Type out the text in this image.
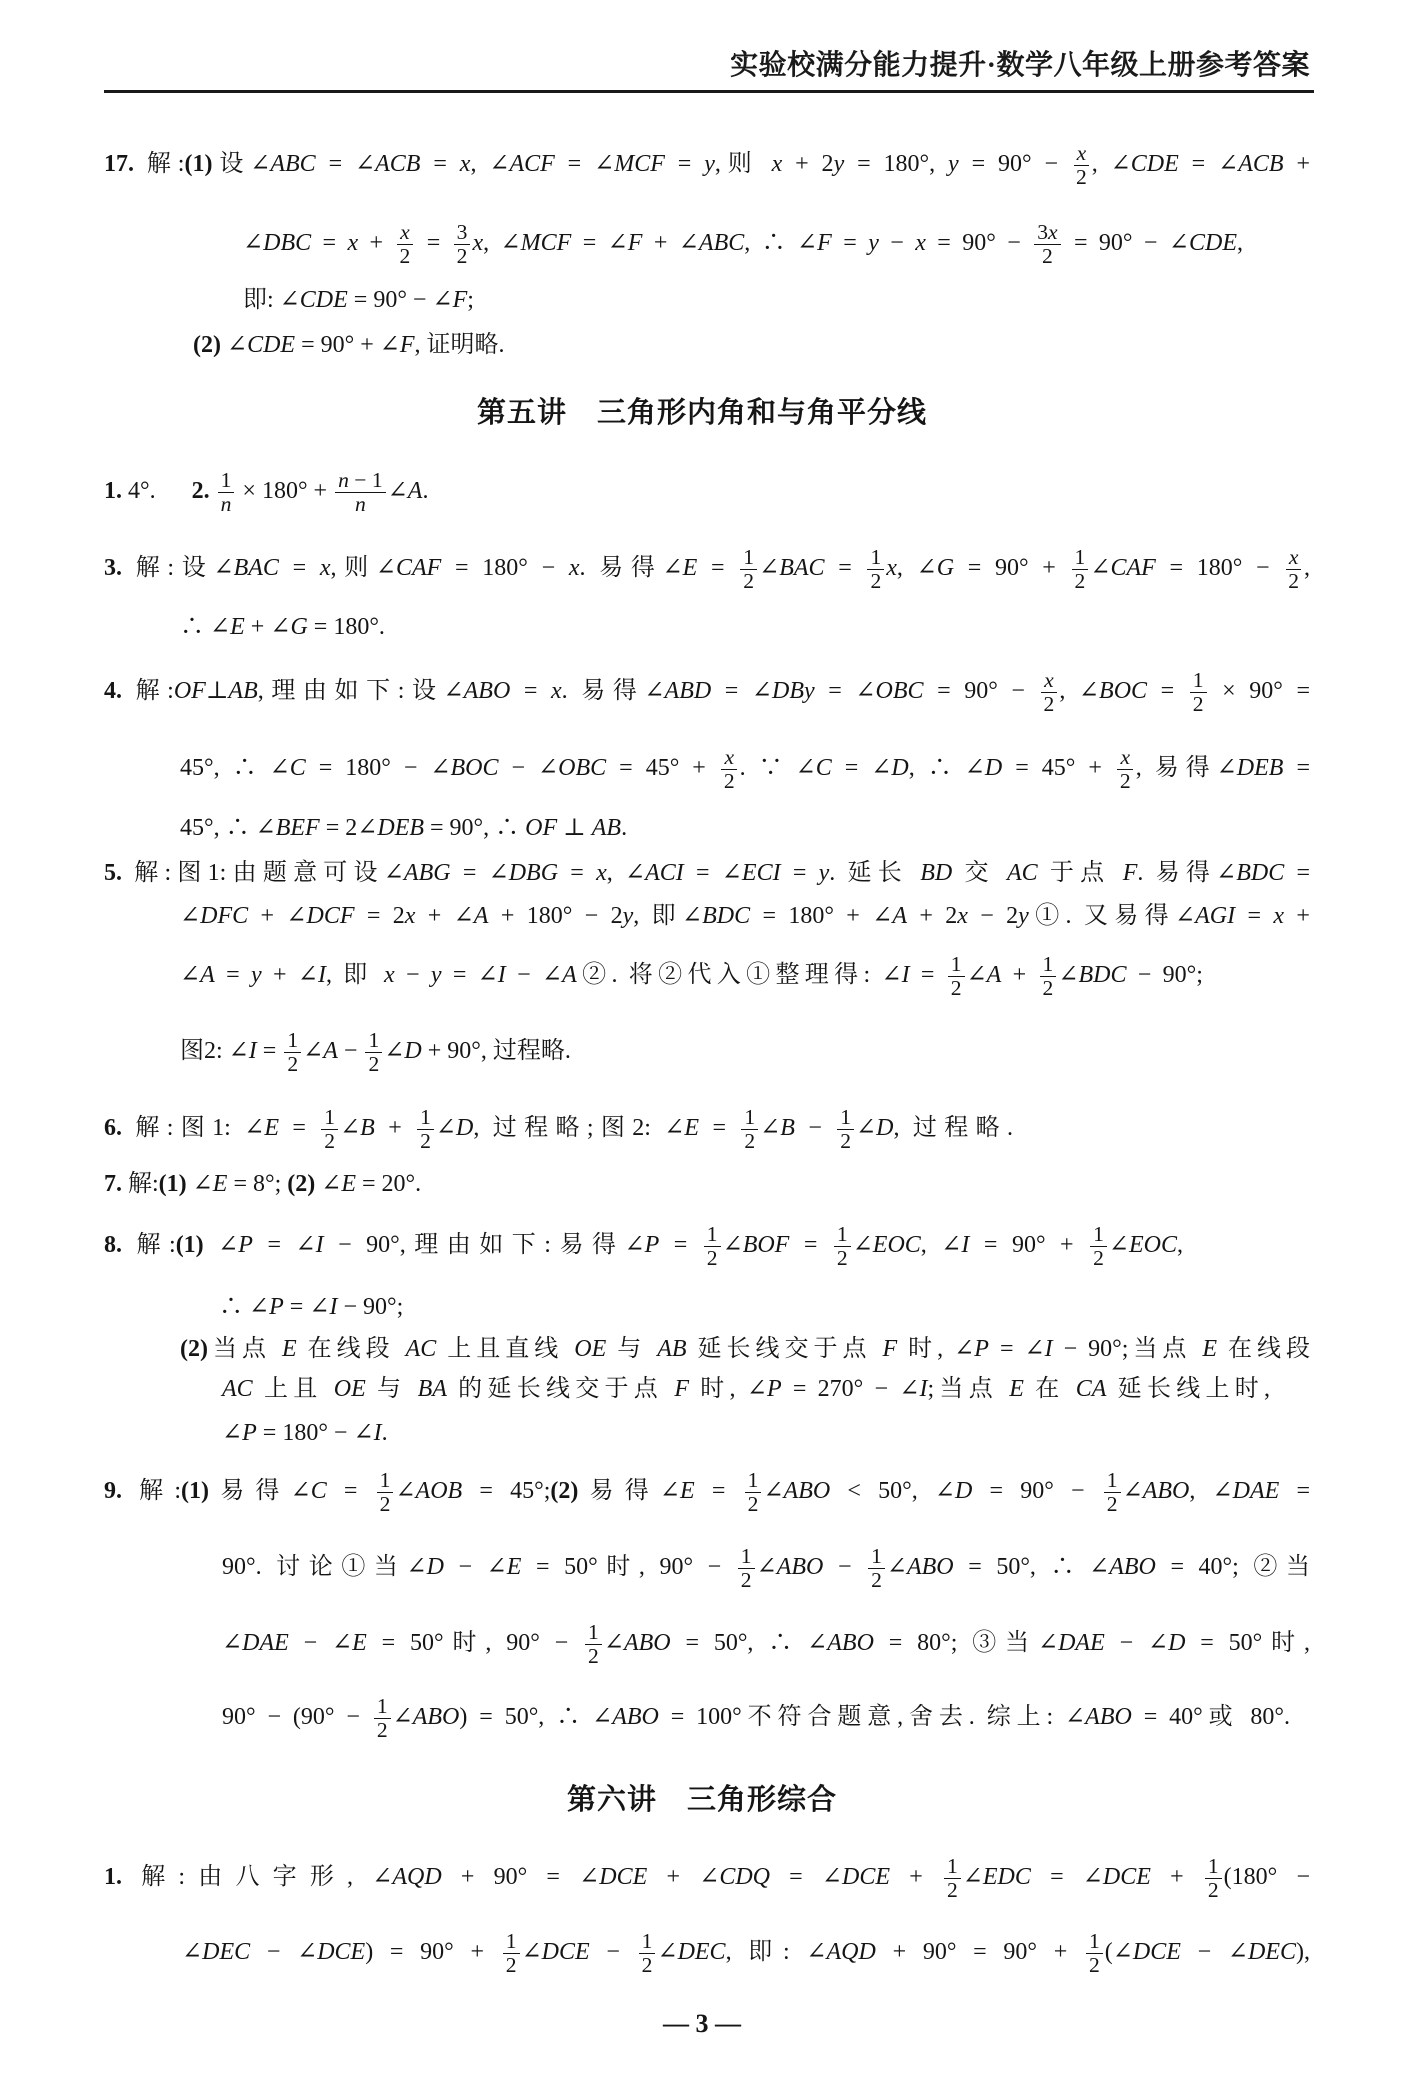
实验校满分能力提升·数学八年级上册参考答案
17. 解:(1)设∠ABC = ∠ACB = x, ∠ACF = ∠MCF = y,则 x + 2y = 180°, $y = 90^\circ - \frac{x}{2}$ , ∠CDE = ∠ACB +
∠DBC = $x + \frac{x}{2} = \frac{3}{2} x$, ∠MCF = ∠F + ∠ABC, ∴ ∠F = $y - x = 90^\circ - \frac{3x}{2} = 90^\circ$ − ∠CDE,
即: ∠CDE = 90° − ∠F;
(2) ∠CDE = 90° + ∠F, 证明略.
第五讲　三角形内角和与角平分线
1. 4°.  2. $\frac{1}{n} \times 180^\circ + \frac{n - 1}{n}$ ∠A.
3. 解:设∠BAC = x,则∠CAF = 180° − x. 易得∠E = $\frac{1}{2}$ ∠BAC = $\frac{1}{2} x$, ∠G = $90^\circ + \frac{1}{2}$ ∠CAF = $180^\circ - \frac{x}{2}$ ,
∴ ∠E + ∠G = 180°.
4. 解:OF⊥AB,理由如下:设∠ABO = x. 易得∠ABD = ∠DBy = ∠OBC = $90^\circ - \frac{x}{2}$ , ∠BOC = $\frac{1}{2} \times 90^\circ$ =
45°, ∴ ∠C = 180° − ∠BOC − ∠OBC = $45^\circ + \frac{x}{2}$ . ∵ ∠C = ∠D, ∴ ∠D = $45^\circ + \frac{x}{2}$ , 易得∠DEB =
45°, ∴ ∠BEF = 2∠DEB = 90°, ∴ OF ⊥ AB.
5. 解:图1:由题意可设∠ABG = ∠DBG = x, ∠ACI = ∠ECI = y. 延长 BD 交 AC 于点 F. 易得∠BDC =
∠DFC + ∠DCF = 2x + ∠A + 180° − 2y, 即∠BDC = 180° + ∠A + 2x − 2y①. 又易得∠AGI = x +
∠A = y + ∠I, 即 x − y = ∠I − ∠A②. 将②代入①整理得: ∠I = $\frac{1}{2}$ ∠A + $\frac{1}{2}$ ∠BDC − 90°;
图2: ∠I = $\frac{1}{2}$ ∠A − $\frac{1}{2}$ ∠D + 90°, 过程略.
6. 解:图1: ∠E = $\frac{1}{2}$ ∠B + $\frac{1}{2}$ ∠D, 过程略;图2: ∠E = $\frac{1}{2}$ ∠B − $\frac{1}{2}$ ∠D, 过程略.
7. 解:(1) ∠E = 8°; (2) ∠E = 20°.
8. 解:(1) ∠P = ∠I − 90°,理由如下:易得∠P = $\frac{1}{2}$ ∠BOF = $\frac{1}{2}$ ∠EOC, ∠I = $90^\circ + \frac{1}{2}$ ∠EOC,
∴ ∠P = ∠I − 90°;
(2)当点 E 在线段 AC 上且直线 OE 与 AB 延长线交于点 F 时, ∠P = ∠I − 90°;当点 E 在线段
AC 上且 OE 与 BA 的延长线交于点 F 时, ∠P = 270° − ∠I;当点 E 在 CA 延长线上时,
∠P = 180° − ∠I.
9. 解:(1)易得∠C = $\frac{1}{2}$ ∠AOB = 45°;(2)易得∠E = $\frac{1}{2}$ ∠ABO < 50°, ∠D = $90^\circ - \frac{1}{2}$ ∠ABO, ∠DAE =
90°. 讨论①当∠D − ∠E = 50°时, $90^\circ - \frac{1}{2}$ ∠ABO − $\frac{1}{2}$ ∠ABO = 50°, ∴ ∠ABO = 40°; ②当
∠DAE − ∠E = 50°时, $90^\circ - \frac{1}{2}$ ∠ABO = 50°, ∴ ∠ABO = 80°; ③当∠DAE − ∠D = 50°时,
$90^\circ - (90^\circ - \frac{1}{2}$ ∠ABO) = 50°, ∴ ∠ABO = 100°不符合题意,舍去. 综上: ∠ABO = 40°或 80°.
第六讲　三角形综合
1. 解:由八字形, ∠AQD + 90° = ∠DCE + ∠CDQ = ∠DCE + $\frac{1}{2}$ ∠EDC = ∠DCE + $\frac{1}{2} (180^\circ$ −
∠DEC − ∠DCE) = $90^\circ + \frac{1}{2}$ ∠DCE − $\frac{1}{2}$ ∠DEC, 即: ∠AQD + $90^\circ = 90^\circ + \frac{1}{2}$ (∠DCE − ∠DEC),
— 3 —
